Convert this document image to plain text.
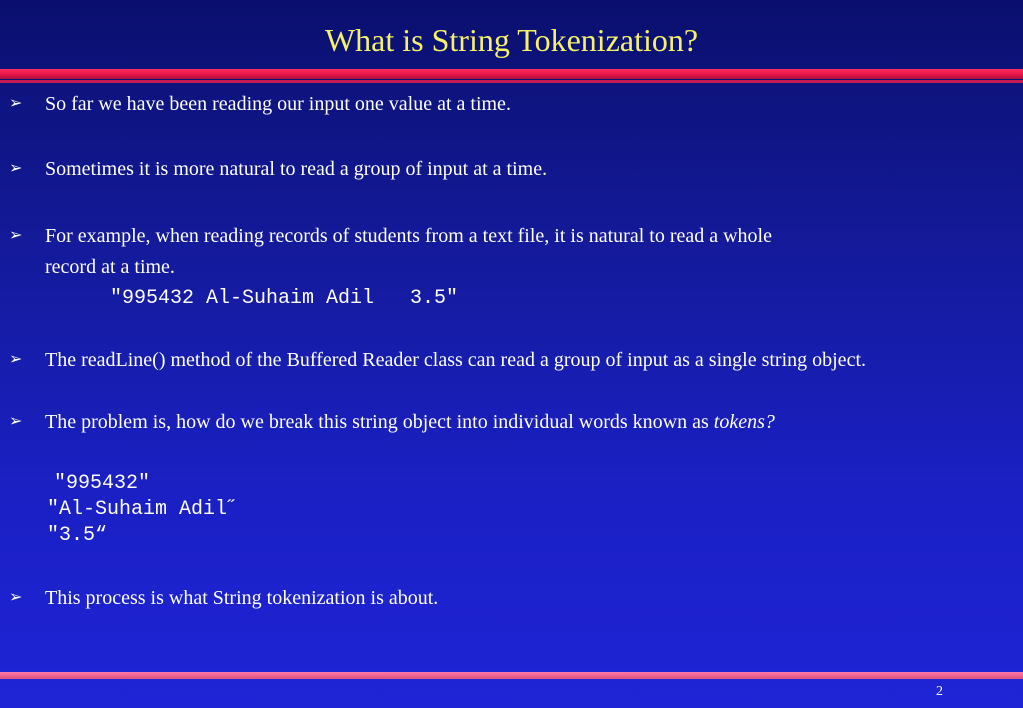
What is String Tokenization?
➢ So far we have been reading our input one value at a time.
➢ Sometimes it is more natural to read a group of input at a time.
➢ For example, when reading records of students from a text file, it is natural to read a whole
record at a time.
"995432 Al-Suhaim Adil   3.5"
➢ The readLine() method of the Buffered Reader class can read a group of input as a single string object.
➢ The problem is, how do we break this string object into individual words known as tokens?
"995432"
"Al-Suhaim Adil˝
"3.5“
➢ This process is what String tokenization is about.
2
